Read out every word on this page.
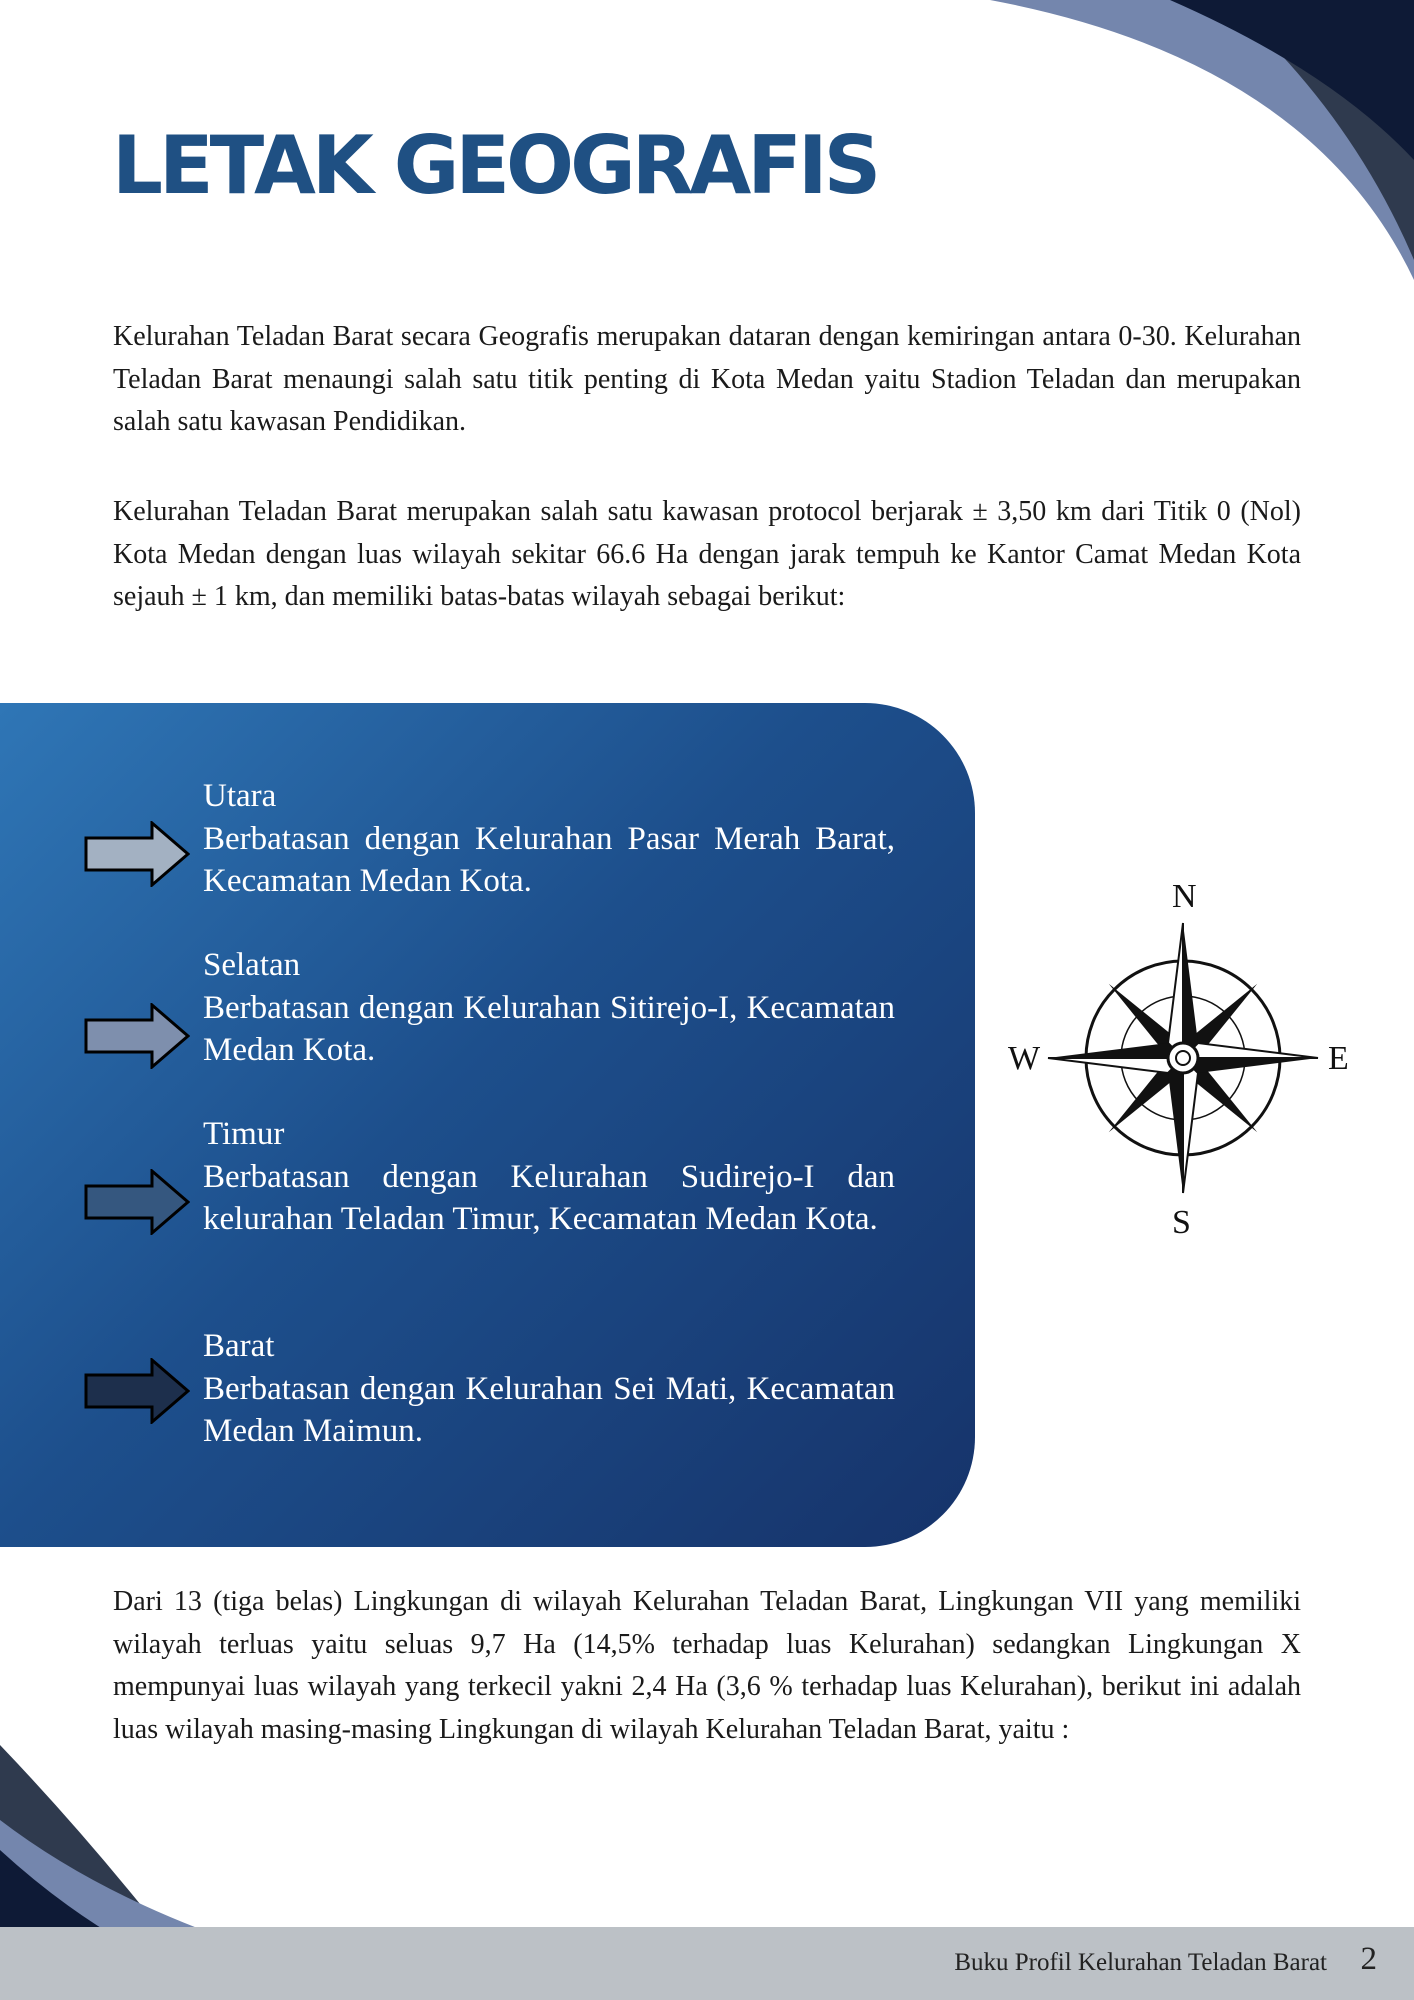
LETAK GEOGRAFIS

Kelurahan Teladan Barat secara Geografis merupakan dataran dengan kemiringan antara 0-30. Kelurahan Teladan Barat menaungi salah satu titik penting di Kota Medan yaitu Stadion Teladan dan merupakan salah satu kawasan Pendidikan.

Kelurahan Teladan Barat merupakan salah satu kawasan protocol berjarak ± 3,50 km dari Titik 0 (Nol) Kota Medan dengan luas wilayah sekitar 66.6 Ha dengan jarak tempuh ke Kantor Camat Medan Kota sejauh ± 1 km, dan memiliki batas-batas wilayah sebagai berikut:

Utara

Berbatasan dengan Kelurahan Pasar Merah Barat, Kecamatan Medan Kota.

Selatan

Berbatasan dengan Kelurahan Sitirejo-I, Kecamatan Medan Kota.

Timur

Berbatasan dengan Kelurahan Sudirejo-I dan kelurahan Teladan Timur, Kecamatan Medan Kota.

Barat

Berbatasan dengan Kelurahan Sei Mati, Kecamatan Medan Maimun.

N
S
E
W

Dari 13 (tiga belas) Lingkungan di wilayah Kelurahan Teladan Barat, Lingkungan VII yang memiliki wilayah terluas yaitu seluas 9,7 Ha (14,5% terhadap luas Kelurahan) sedangkan Lingkungan X mempunyai luas wilayah yang terkecil yakni 2,4 Ha (3,6 % terhadap luas Kelurahan), berikut ini adalah luas wilayah masing-masing Lingkungan di wilayah Kelurahan Teladan Barat, yaitu :

Buku Profil Kelurahan Teladan Barat 2
